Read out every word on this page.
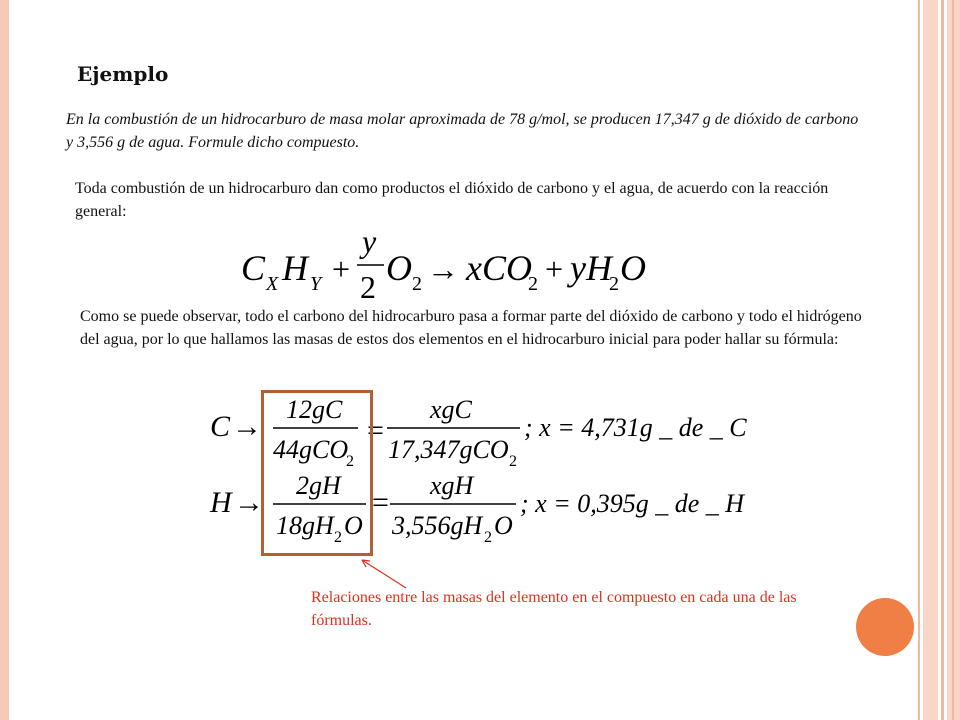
Ejemplo
En la combustión de un hidrocarburo de masa molar aproximada de 78 g/mol, se producen 17,347 g de dióxido de carbono y 3,556 g de agua. Formule dicho compuesto.
Toda combustión de un hidrocarburo dan como productos el dióxido de carbono y el agua, de acuerdo con la reacción general:
Como se puede observar, todo el carbono del hidrocarburo pasa a formar parte del dióxido de carbono y todo el hidrógeno del agua, por lo que hallamos las masas de estos dos elementos en el hidrocarburo inicial para poder hallar su fórmula:
C X H Y +
y
2 O 2 → xCO
2 + yH
2 O
C →
12gC
44gCO
2
=
xgC
17,347gCO 2
; x = 4,731g _ de _ C
H →
2gH
18gH 2 O
=
xgH
3,556gH 2 O
; x = 0,395g _ de _ H
Relaciones entre las masas del elemento en el compuesto en cada una de las fórmulas.
